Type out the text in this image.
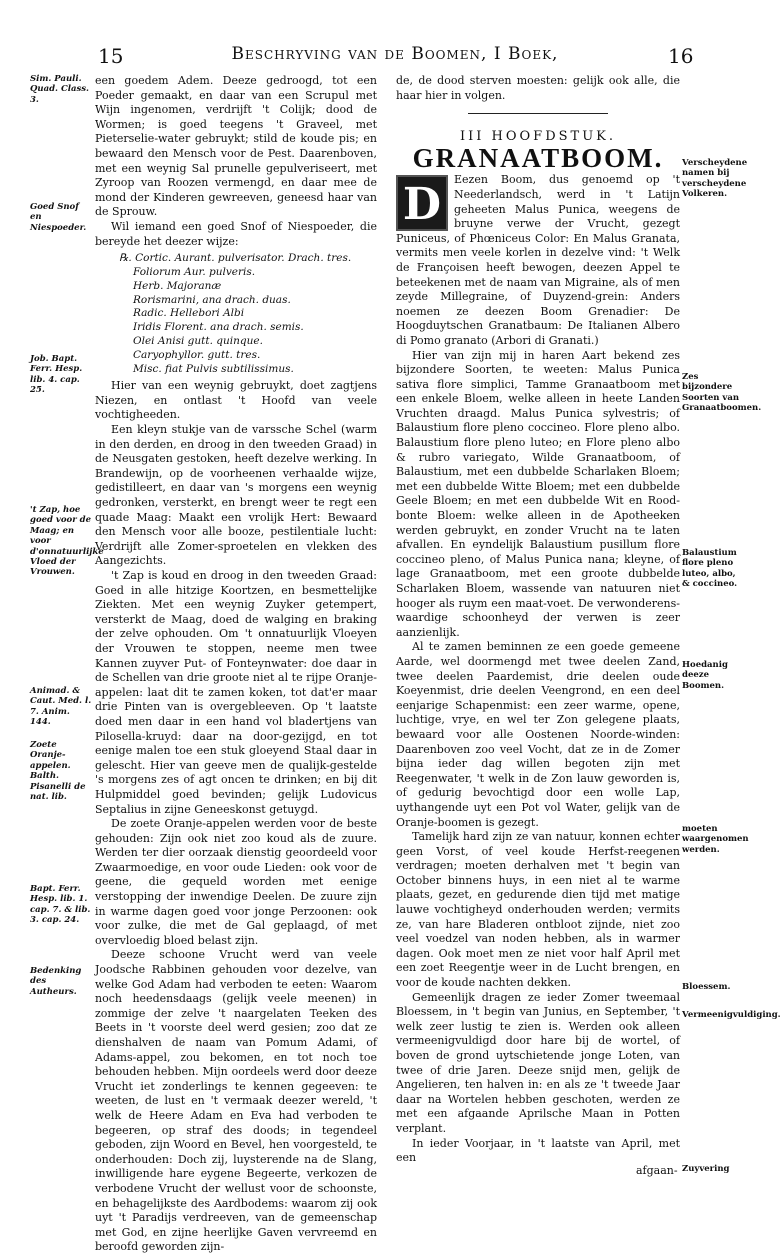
15	Beschryving van de Boomen, I Boek,	16
Sim. Pauli. Quad. Class. 3.
Goed Snof en Niespoeder.
Job. Bapt. Ferr. Hesp. lib. 4. cap. 25.
't Zap, hoe goed voor de Maag; en voor d'onnatuurlijke Vloed der Vrouwen.
Animad. & Caut. Med. l. 7. Anim. 144.
Zoete Oranje-appelen. Balth. Pisanelli de nat. lib.
Bapt. Ferr. Hesp. lib. 1. cap. 7. & lib. 3. cap. 24.
Bedenking des Autheurs.

een goedem Adem. Deeze gedroogd, tot een Poeder gemaakt, en daar van een Scrupul met Wijn ingenomen, verdrijft 't Colijk; dood de Wormen; is goed teegens 't Graveel, met Pieterselie-water gebruykt; stild de koude pis; en bewaard den Mensch voor de Pest. Daarenboven, met een weynig Sal prunelle gepulveriseert, met Zyroop van Roozen vermengd, en daar mee de mond der Kinderen gewreeven, geneesd haar van de Sprouw.

Wil iemand een goed Snof of Niespoeder, die bereyde het deezer wijze:

℞. Cortic. Aurant. pulverisator. Drach. tres.
Foliorum Aur. pulveris.
Herb. Majoranæ
Rorismarini, ana drach. duas.
Radic. Hellebori Albi
Iridis Florent. ana drach. semis.
Olei Anisi gutt. quinque.
Caryophyllor. gutt. tres.
Misc. fiat Pulvis subtilissimus.

Hier van een weynig gebruykt, doet zagtjens Niezen, en ontlast 't Hoofd van veele vochtigheeden.

Een kleyn stukje van de varssche Schel (warm in den derden, en droog in den tweeden Graad) in de Neusgaten gestoken, heeft dezelve werking. In Brandewijn, op de voorheenen verhaalde wijze, gedistilleert, en daar van 's morgens een weynig gedronken, versterkt, en brengt weer te regt een quade Maag: Maakt een vrolijk Hert: Bewaard den Mensch voor alle booze, pestilentiale lucht: Verdrijft alle Zomer-sproetelen en vlekken des Aangezichts.

't Zap is koud en droog in den tweeden Graad: Goed in alle hitzige Koortzen, en besmettelijke Ziekten. Met een weynig Zuyker getempert, versterkt de Maag, doed de walging en braking der zelve ophouden. Om 't onnatuurlijk Vloeyen der Vrouwen te stoppen, neeme men twee Kannen zuyver Put- of Fonteynwater: doe daar in de Schellen van drie groote niet al te rijpe Oranje-appelen: laat dit te zamen koken, tot dat'er maar drie Pinten van is overgebleeven. Op 't laatste doed men daar in een hand vol bladertjens van Pilosella-kruyd: daar na door-gezijgd, en tot eenige malen toe een stuk gloeyend Staal daar in gelescht. Hier van geeve men de qualijk-gestelde 's morgens zes of agt oncen te drinken; en bij dit Hulpmiddel goed bevinden; gelijk Ludovicus Septalius in zijne Geneeskonst getuygd.

De zoete Oranje-appelen werden voor de beste gehouden: Zijn ook niet zoo koud als de zuure. Werden ter dier oorzaak dienstig geoordeeld voor Zwaarmoedige, en voor oude Lieden: ook voor de geene, die gequeld worden met eenige verstopping der inwendige Deelen. De zuure zijn in warme dagen goed voor jonge Perzoonen: ook voor zulke, die met de Gal geplaagd, of met overvloedig bloed belast zijn.

Deeze schoone Vrucht werd van veele Joodsche Rabbinen gehouden voor dezelve, van welke God Adam had verboden te eeten: Waarom noch heedensdaags (gelijk veele meenen) in zommige der zelve 't naargelaten Teeken des Beets in 't voorste deel werd gesien; zoo dat ze dienshalven de naam van Pomum Adami, of Adams-appel, zou bekomen, en tot noch toe behouden hebben. Mijn oordeels werd door deeze Vrucht iet zonderlings te kennen gegeeven: te weeten, de lust en 't vermaak deezer wereld, 't welk de Heere Adam en Eva had verboden te begeeren, op straf des doods; in tegendeel geboden, zijn Woord en Bevel, hen voorgesteld, te onderhouden: Doch zij, luysterende na de Slang, inwilligende hare eygene Begeerte, verkozen de verbodene Vrucht der wellust voor de schoonste, en behagelijkste des Aardbodems: waarom zij ook uyt 't Paradijs verdreeven, van de gemeenschap met God, en zijne heerlijke Gaven vervreemd en beroofd geworden zijn-

de, de dood sterven moesten: gelijk ook alle, die haar hier in volgen.

III HOOFDSTUK.
GRANAATBOOM.
D	Eezen Boom, dus genoemd op 't Neederlandsch, werd in 't Latijn geheeten Malus Punica, weegens de bruyne verwe der Vrucht, gezegt Puniceus, of Phœniceus Color: En Malus Granata, vermits men veele korlen in dezelve vind: 't Welk de Françoisen heeft bewogen, deezen Appel te beteekenen met de naam van Migraine, als of men zeyde Millegraine, of Duyzend-grein: Anders noemen ze deezen Boom Grenadier: De Hoogduytschen Granatbaum: De Italianen Albero di Pomo granato (Arbori di Granati.)

Hier van zijn mij in haren Aart bekend zes bijzondere Soorten, te weeten: Malus Punica sativa flore simplici, Tamme Granaatboom met een enkele Bloem, welke alleen in heete Landen Vruchten draagd. Malus Punica sylvestris; of Balaustium flore pleno coccineo. Flore pleno albo. Balaustium flore pleno luteo; en Flore pleno albo & rubro variegato, Wilde Granaatboom, of Balaustium, met een dubbelde Scharlaken Bloem; met een dubbelde Witte Bloem; met een dubbelde Geele Bloem; en met een dubbelde Wit en Rood-bonte Bloem: welke alleen in de Apotheeken werden gebruykt, en zonder Vrucht na te laten afvallen. En eyndelijk Balaustium pusillum flore coccineo pleno, of Malus Punica nana; kleyne, of lage Granaatboom, met een groote dubbelde Scharlaken Bloem, wassende van natuuren niet hooger als ruym een maat-voet. De verwonderens-waardige schoonheyd der verwen is zeer aanzienlijk.

Al te zamen beminnen ze een goede gemeene Aarde, wel doormengd met twee deelen Zand, twee deelen Paardemist, drie deelen oude Koeyenmist, drie deelen Veengrond, en een deel eenjarige Schapenmist: een zeer warme, opene, luchtige, vrye, en wel ter Zon gelegene plaats, bewaard voor alle Oostenen Noorde-winden: Daarenboven zoo veel Vocht, dat ze in de Zomer bijna ieder dag willen begoten zijn met Reegenwater, 't welk in de Zon lauw geworden is, of gedurig bevochtigd door een wolle Lap, uythangende uyt een Pot vol Water, gelijk van de Oranje-boomen is gezegt.

Tamelijk hard zijn ze van natuur, konnen echter geen Vorst, of veel koude Herfst-reegenen verdragen; moeten derhalven met 't begin van October binnens huys, in een niet al te warme plaats, gezet, en gedurende dien tijd met matige lauwe vochtigheyd onderhouden werden; vermits ze, van hare Bladeren ontbloot zijnde, niet zoo veel voedzel van noden hebben, als in warmer dagen. Ook moet men ze niet voor half April met een zoet Reegentje weer in de Lucht brengen, en voor de koude nachten dekken.

Gemeenlijk dragen ze ieder Zomer tweemaal Bloessem, in 't begin van Junius, en September, 't welk zeer lustig te zien is. Werden ook alleen vermeenigvuldigd door hare bij de wortel, of boven de grond uytschietende jonge Loten, van twee of drie Jaren. Deeze snijd men, gelijk de Angelieren, ten halven in: en als ze 't tweede Jaar daar na Wortelen hebben geschoten, werden ze met een afgaande Aprilsche Maan in Potten verplant.

In ieder Voorjaar, in 't laatste van April, met een

afgaan-
Verscheydene namen bij verscheydene Volkeren.
Zes bijzondere Soorten van Granaatboomen.
Balaustium flore pleno luteo, albo, & coccineo.
Hoedanig deeze Boomen.
moeten waargenomen werden.
Bloessem.
Vermeenigvuldiging.
Zuyvering
